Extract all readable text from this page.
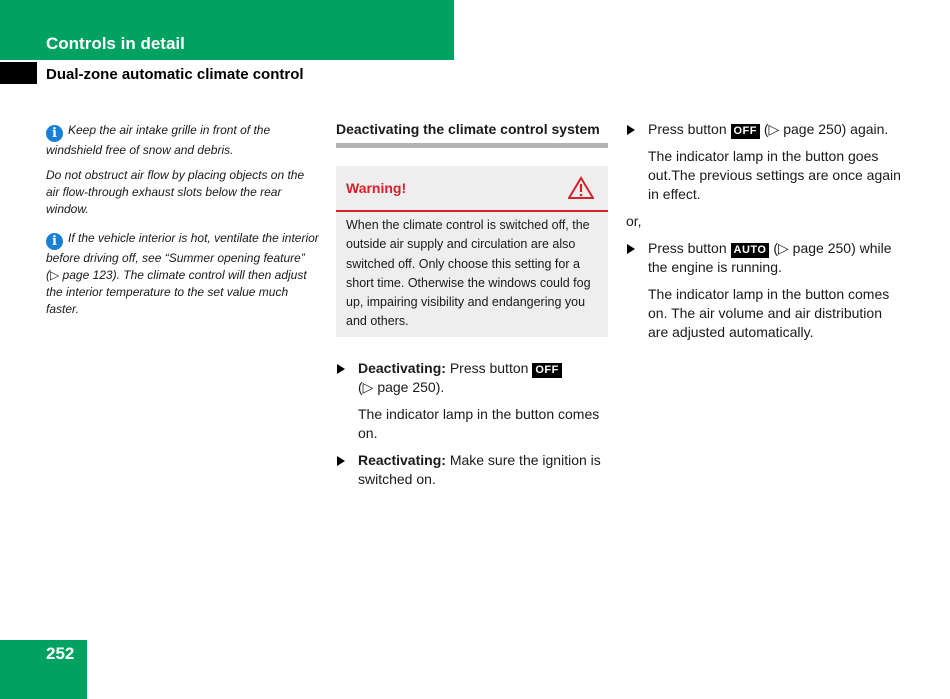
Controls in detail
Dual-zone automatic climate control

i Keep the air intake grille in front of the windshield free of snow and debris.

Do not obstruct air flow by placing objects on the air flow-through exhaust slots below the rear window.

i If the vehicle interior is hot, ventilate the interior before driving off, see “Summer opening feature” (▷ page 123). The climate control will then adjust the interior temperature to the set value much faster.

Deactivating the climate control system
Warning!

When the climate control is switched off, the outside air supply and circulation are also switched off. Only choose this setting for a short time. Otherwise the windows could fog up, impairing visibility and endangering you and others.

Deactivating: Press button OFF
(▷ page 250).

The indicator lamp in the button comes on.

Reactivating: Make sure the ignition is switched on.

Press button OFF (▷ page 250) again.

The indicator lamp in the button goes out.The previous settings are once again in effect.

or,

Press button AUTO (▷ page 250) while the engine is running.

The indicator lamp in the button comes on. The air volume and air distribution are adjusted automatically.

252
